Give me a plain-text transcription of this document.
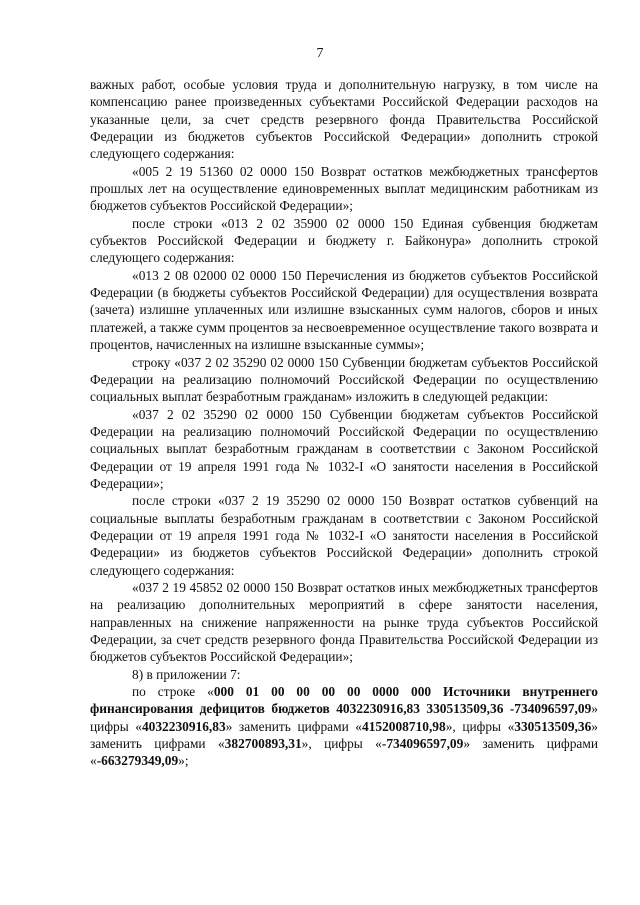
7

важных работ, особые условия труда и дополнительную нагрузку, в том числе на компенсацию ранее произведенных субъектами Российской Федерации расходов на указанные цели, за счет средств резервного фонда Правительства Российской Федерации из бюджетов субъектов Российской Федерации» дополнить строкой следующего содержания:

«005 2 19 51360 02 0000 150 Возврат остатков межбюджетных трансфертов прошлых лет на осуществление единовременных выплат медицинским работникам из бюджетов субъектов Российской Федерации»;

после строки «013 2 02 35900 02 0000 150 Единая субвенция бюджетам субъектов Российской Федерации и бюджету г. Байконура» дополнить строкой следующего содержания:

«013 2 08 02000 02 0000 150 Перечисления из бюджетов субъектов Российской Федерации (в бюджеты субъектов Российской Федерации) для осуществления возврата (зачета) излишне уплаченных или излишне взысканных сумм налогов, сборов и иных платежей, а также сумм процентов за несвоевременное осуществление такого возврата и процентов, начисленных на излишне взысканные суммы»;

строку «037 2 02 35290 02 0000 150 Субвенции бюджетам субъектов Российской Федерации на реализацию полномочий Российской Федерации по осуществлению социальных выплат безработным гражданам» изложить в следующей редакции:

«037 2 02 35290 02 0000 150 Субвенции бюджетам субъектов Российской Федерации на реализацию полномочий Российской Федерации по осуществлению социальных выплат безработным гражданам в соответствии с Законом Российской Федерации от 19 апреля 1991 года № 1032-I «О занятости населения в Российской Федерации»;

после строки «037 2 19 35290 02 0000 150 Возврат остатков субвенций на социальные выплаты безработным гражданам в соответствии с Законом Российской Федерации от 19 апреля 1991 года № 1032-I «О занятости населения в Российской Федерации» из бюджетов субъектов Российской Федерации» дополнить строкой следующего содержания:

«037 2 19 45852 02 0000 150 Возврат остатков иных межбюджетных трансфертов на реализацию дополнительных мероприятий в сфере занятости населения, направленных на снижение напряженности на рынке труда субъектов Российской Федерации, за счет средств резервного фонда Правительства Российской Федерации из бюджетов субъектов Российской Федерации»;

8) в приложении 7:

по строке «000 01 00 00 00 00 0000 000 Источники внутреннего финансирования дефицитов бюджетов 4032230916,83 330513509,36 -734096597,09» цифры «4032230916,83» заменить цифрами «4152008710,98», цифры «330513509,36» заменить цифрами «382700893,31», цифры «-734096597,09» заменить цифрами «-663279349,09»;
